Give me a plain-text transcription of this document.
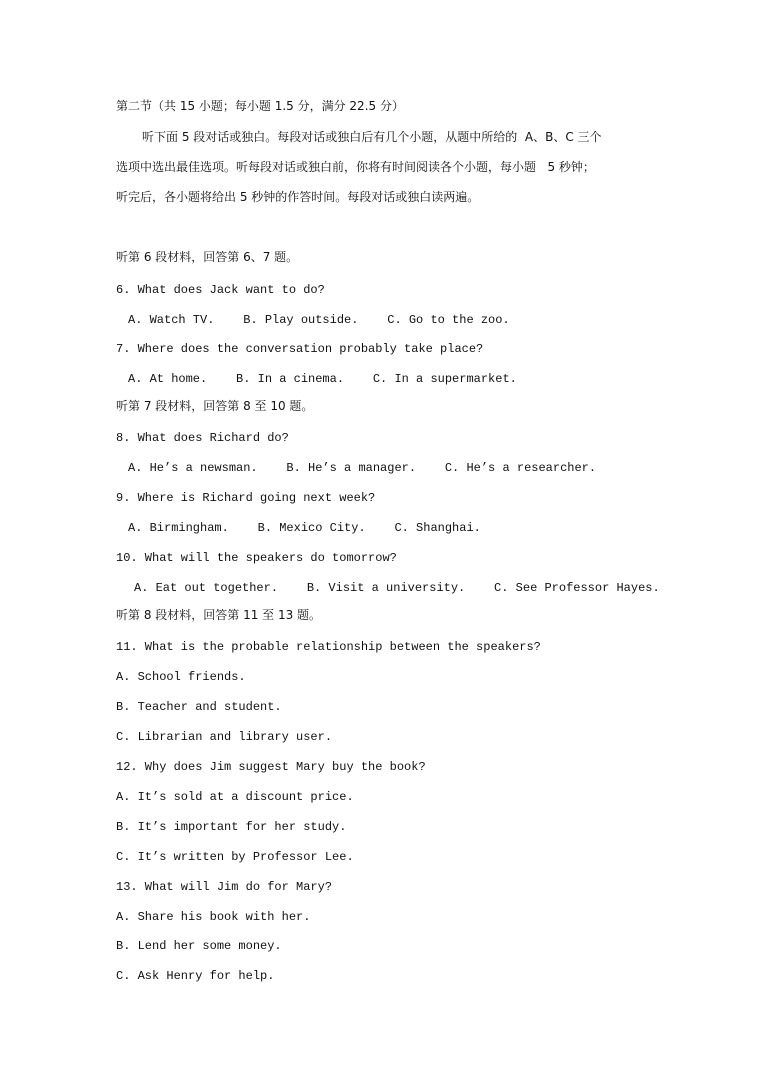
第二节（共 15 小题；每小题 1.5 分，满分 22.5 分）
听下面 5 段对话或独白。每段对话或独白后有几个小题，从题中所给的  A、B、C 三个
选项中选出最佳选项。听每段对话或独白前，你将有时间阅读各个小题，每小题   5 秒钟；
听完后，各小题将给出 5 秒钟的作答时间。每段对话或独白读两遍。
听第 6 段材料，回答第 6、7 题。
6. What does Jack want to do?
A. Watch TV.    B. Play outside.    C. Go to the zoo.
7. Where does the conversation probably take place?
A. At home.    B. In a cinema.    C. In a supermarket.
听第 7 段材料，回答第 8 至 10 题。
8. What does Richard do?
A. He’s a newsman.    B. He’s a manager.    C. He’s a researcher.
9. Where is Richard going next week?
A. Birmingham.    B. Mexico City.    C. Shanghai.
10. What will the speakers do tomorrow?
A. Eat out together.    B. Visit a university.    C. See Professor Hayes.
听第 8 段材料，回答第 11 至 13 题。
11. What is the probable relationship between the speakers?
A. School friends.
B. Teacher and student.
C. Librarian and library user.
12. Why does Jim suggest Mary buy the book?
A. It’s sold at a discount price.
B. It’s important for her study.
C. It’s written by Professor Lee.
13. What will Jim do for Mary?
A. Share his book with her.
B. Lend her some money.
C. Ask Henry for help.
